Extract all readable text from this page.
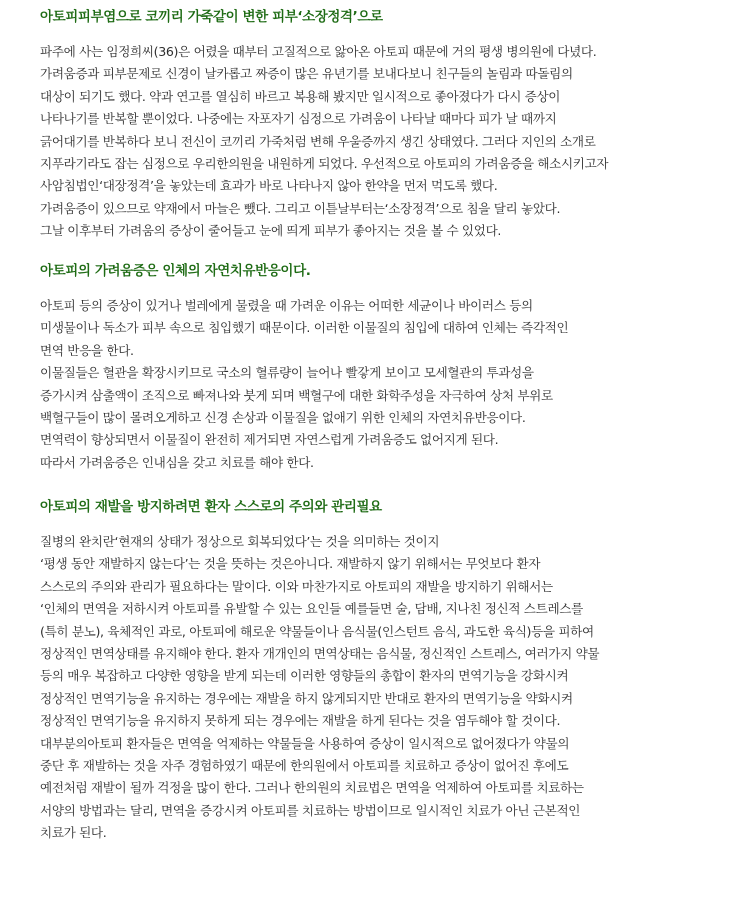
아토피피부염으로 코끼리 가죽같이 변한 피부‘소장정격’으로

파주에 사는 임정희씨(36)은 어렸을 때부터 고질적으로 앓아온 아토피 때문에 거의 평생 병의원에 다녔다.

가려움증과 피부문제로 신경이 날카롭고 짜증이 많은 유년기를 보내다보니 친구들의 놀림과 따돌림의

대상이 되기도 했다. 약과 연고를 열심히 바르고 복용해 봤지만 일시적으로 좋아졌다가 다시 증상이

나타나기를 반복할 뿐이었다. 나중에는 자포자기 심정으로 가려움이 나타날 때마다 피가 날 때까지

긁어대기를 반복하다 보니 전신이 코끼리 가죽처럼 변해 우울증까지 생긴 상태였다. 그러다 지인의 소개로

지푸라기라도 잡는 심정으로 우리한의원을 내원하게 되었다. 우선적으로 아토피의 가려움증을 해소시키고자

사암침법인‘대장정격’을 놓았는데 효과가 바로 나타나지 않아 한약을 먼저 먹도록 했다.

가려움증이 있으므로 약재에서 마늘은 뺐다. 그리고 이튿날부터는‘소장정격’으로 침을 달리 놓았다.

그날 이후부터 가려움의 증상이 줄어들고 눈에 띄게 피부가 좋아지는 것을 볼 수 있었다.

아토피의 가려움증은 인체의 자연치유반응이다.

아토피 등의 증상이 있거나 벌레에게 물렸을 때 가려운 이유는 어떠한 세균이나 바이러스 등의

미생물이나 독소가 피부 속으로 침입했기 때문이다. 이러한 이물질의 침입에 대하여 인체는 즉각적인

면역 반응을 한다.

이물질들은 혈관을 확장시키므로 국소의 혈류량이 늘어나 빨갛게 보이고 모세혈관의 투과성을

증가시켜 삼출액이 조직으로 빠져나와 붓게 되며 백혈구에 대한 화학주성을 자극하여 상처 부위로

백혈구들이 많이 몰려오게하고 신경 손상과 이물질을 없애기 위한 인체의 자연치유반응이다.

면역력이 향상되면서 이물질이 완전히 제거되면 자연스럽게 가려움증도 없어지게 된다.

따라서 가려움증은 인내심을 갖고 치료를 해야 한다.

아토피의 재발을 방지하려면 환자 스스로의 주의와 관리필요

질병의 완치란‘현재의 상태가 정상으로 회복되었다’는 것을 의미하는 것이지

‘평생 동안 재발하지 않는다’는 것을 뜻하는 것은아니다. 재발하지 않기 위해서는 무엇보다 환자

스스로의 주의와 관리가 필요하다는 말이다. 이와 마찬가지로 아토피의 재발을 방지하기 위해서는

‘인체의 면역을 저하시켜 아토피를 유발할 수 있는 요인들 예를들면 술, 담배, 지나친 정신적 스트레스를

(특히 분노), 육체적인 과로, 아토피에 해로운 약물들이나 음식물(인스턴트 음식, 과도한 육식)등을 피하여

정상적인 면역상태를 유지해야 한다. 환자 개개인의 면역상태는 음식물, 정신적인 스트레스, 여러가지 약물

등의 매우 복잡하고 다양한 영향을 받게 되는데 이러한 영향들의 총합이 환자의 면역기능을 강화시켜

정상적인 면역기능을 유지하는 경우에는 재발을 하지 않게되지만 반대로 환자의 면역기능을 약화시켜

정상적인 면역기능을 유지하지 못하게 되는 경우에는 재발을 하게 된다는 것을 염두해야 할 것이다.

대부분의아토피 환자들은 면역을 억제하는 약물들을 사용하여 증상이 일시적으로 없어졌다가 약물의

중단 후 재발하는 것을 자주 경험하였기 때문에 한의원에서 아토피를 치료하고 증상이 없어진 후에도

예전처럼 재발이 될까 걱정을 많이 한다. 그러나 한의원의 치료법은 면역을 억제하여 아토피를 치료하는

서양의 방법과는 달리, 면역을 증강시켜 아토피를 치료하는 방법이므로 일시적인 치료가 아닌 근본적인

치료가 된다.
